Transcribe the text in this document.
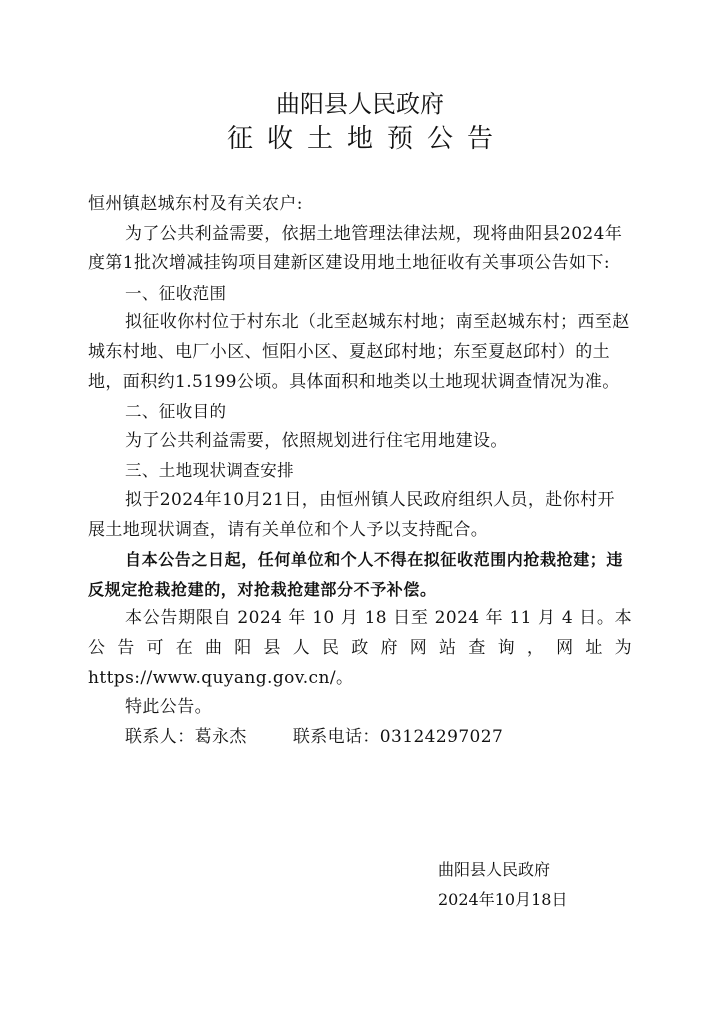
曲阳县人民政府
征收土地预公告

恒州镇赵城东村及有关农户:

为了公共利益需要，依据土地管理法律法规，现将曲阳县2024年度第1批次增减挂钩项目建新区建设用地土地征收有关事项公告如下:

一、征收范围

拟征收你村位于村东北（北至赵城东村地；南至赵城东村；西至赵城东村地、电厂小区、恒阳小区、夏赵邱村地；东至夏赵邱村）的土地，面积约1.5199公顷。具体面积和地类以土地现状调查情况为准。

二、征收目的

为了公共利益需要，依照规划进行住宅用地建设。

三、土地现状调查安排

拟于2024年10月21日，由恒州镇人民政府组织人员，赴你村开展土地现状调查，请有关单位和个人予以支持配合。

自本公告之日起，任何单位和个人不得在拟征收范围内抢栽抢建；违反规定抢栽抢建的，对抢栽抢建部分不予补偿。

本公告期限自 2024 年 10 月 18 日至 2024 年 11 月 4 日。本

公告可在曲阳县人民政府网站查询，网址为

https://www.quyang.gov.cn/。

特此公告。

联系人：葛永杰	联系电话：03124297027

曲阳县人民政府
2024年10月18日
